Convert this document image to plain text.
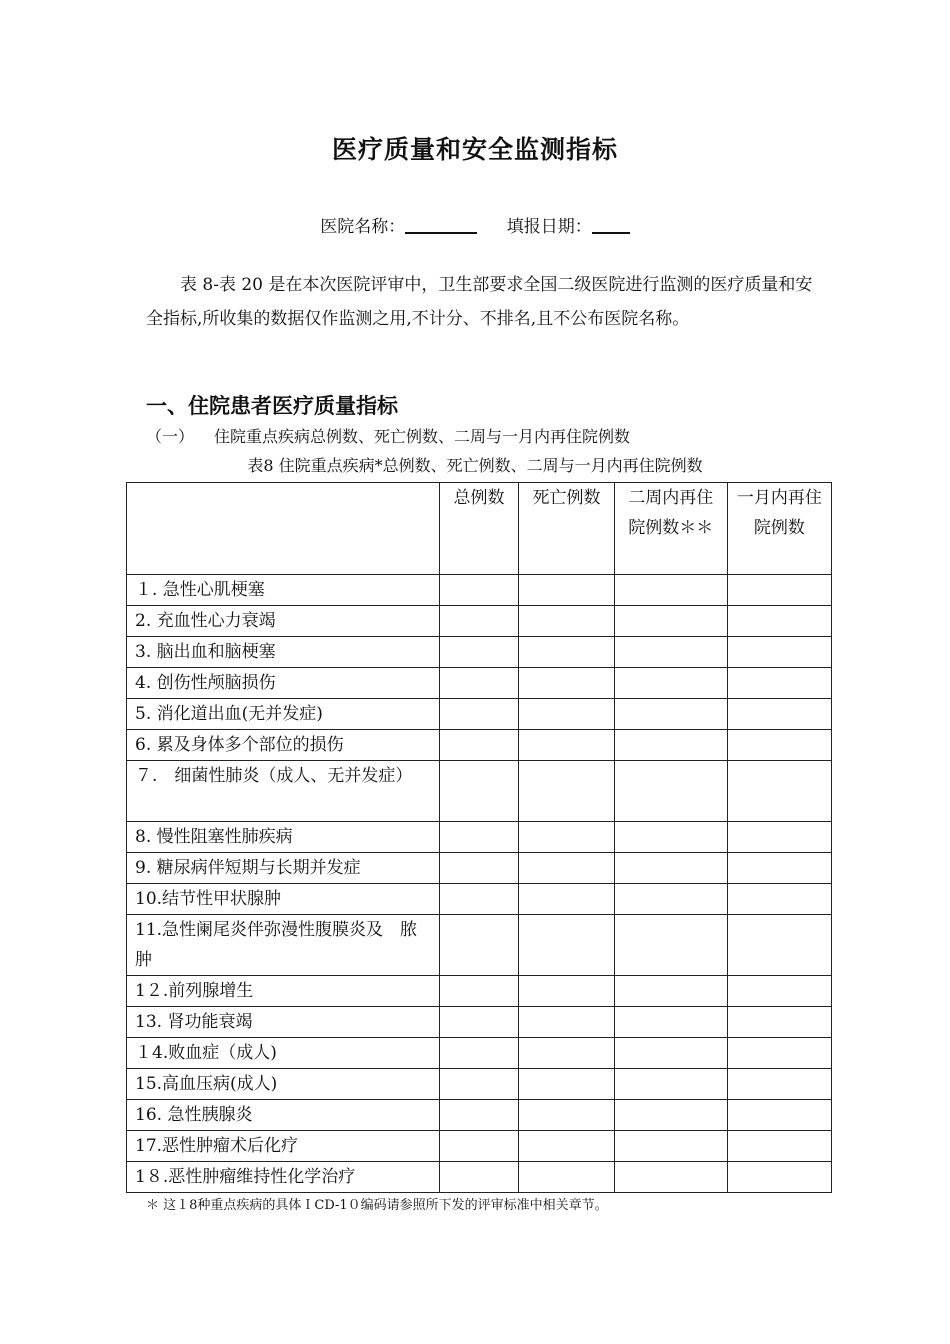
医疗质量和安全监测指标
医院名称：	填报日期：
表 8-表 20 是在本次医院评审中，卫生部要求全国二级医院进行监测的医疗质量和安全指标,所收集的数据仅作监测之用,不计分、不排名,且不公布医院名称。
一、住院患者医疗质量指标
（一） 住院重点疾病总例数、死亡例数、二周与一月内再住院例数
表8 住院重点疾病*总例数、死亡例数、二周与一月内再住院例数
	总例数	死亡例数	二周内再住院例数＊＊	一月内再住院例数
１. 急性心肌梗塞				
2. 充血性心力衰竭				
3. 脑出血和脑梗塞				
4. 创伤性颅脑损伤				
5. 消化道出血(无并发症)				
6. 累及身体多个部位的损伤				
７.　细菌性肺炎（成人、无并发症）				
8. 慢性阻塞性肺疾病				
9. 糖尿病伴短期与长期并发症				
10.结节性甲状腺肿				
11.急性阑尾炎伴弥漫性腹膜炎及　脓肿				
1２.前列腺增生				
13. 肾功能衰竭				
１4.败血症（成人)				
15.高血压病(成人)				
16. 急性胰腺炎				
17.恶性肿瘤术后化疗				
1８.恶性肿瘤维持性化学治疗				
＊ 这１8种重点疾病的具体ＩCD-1０编码请参照所下发的评审标准中相关章节。
